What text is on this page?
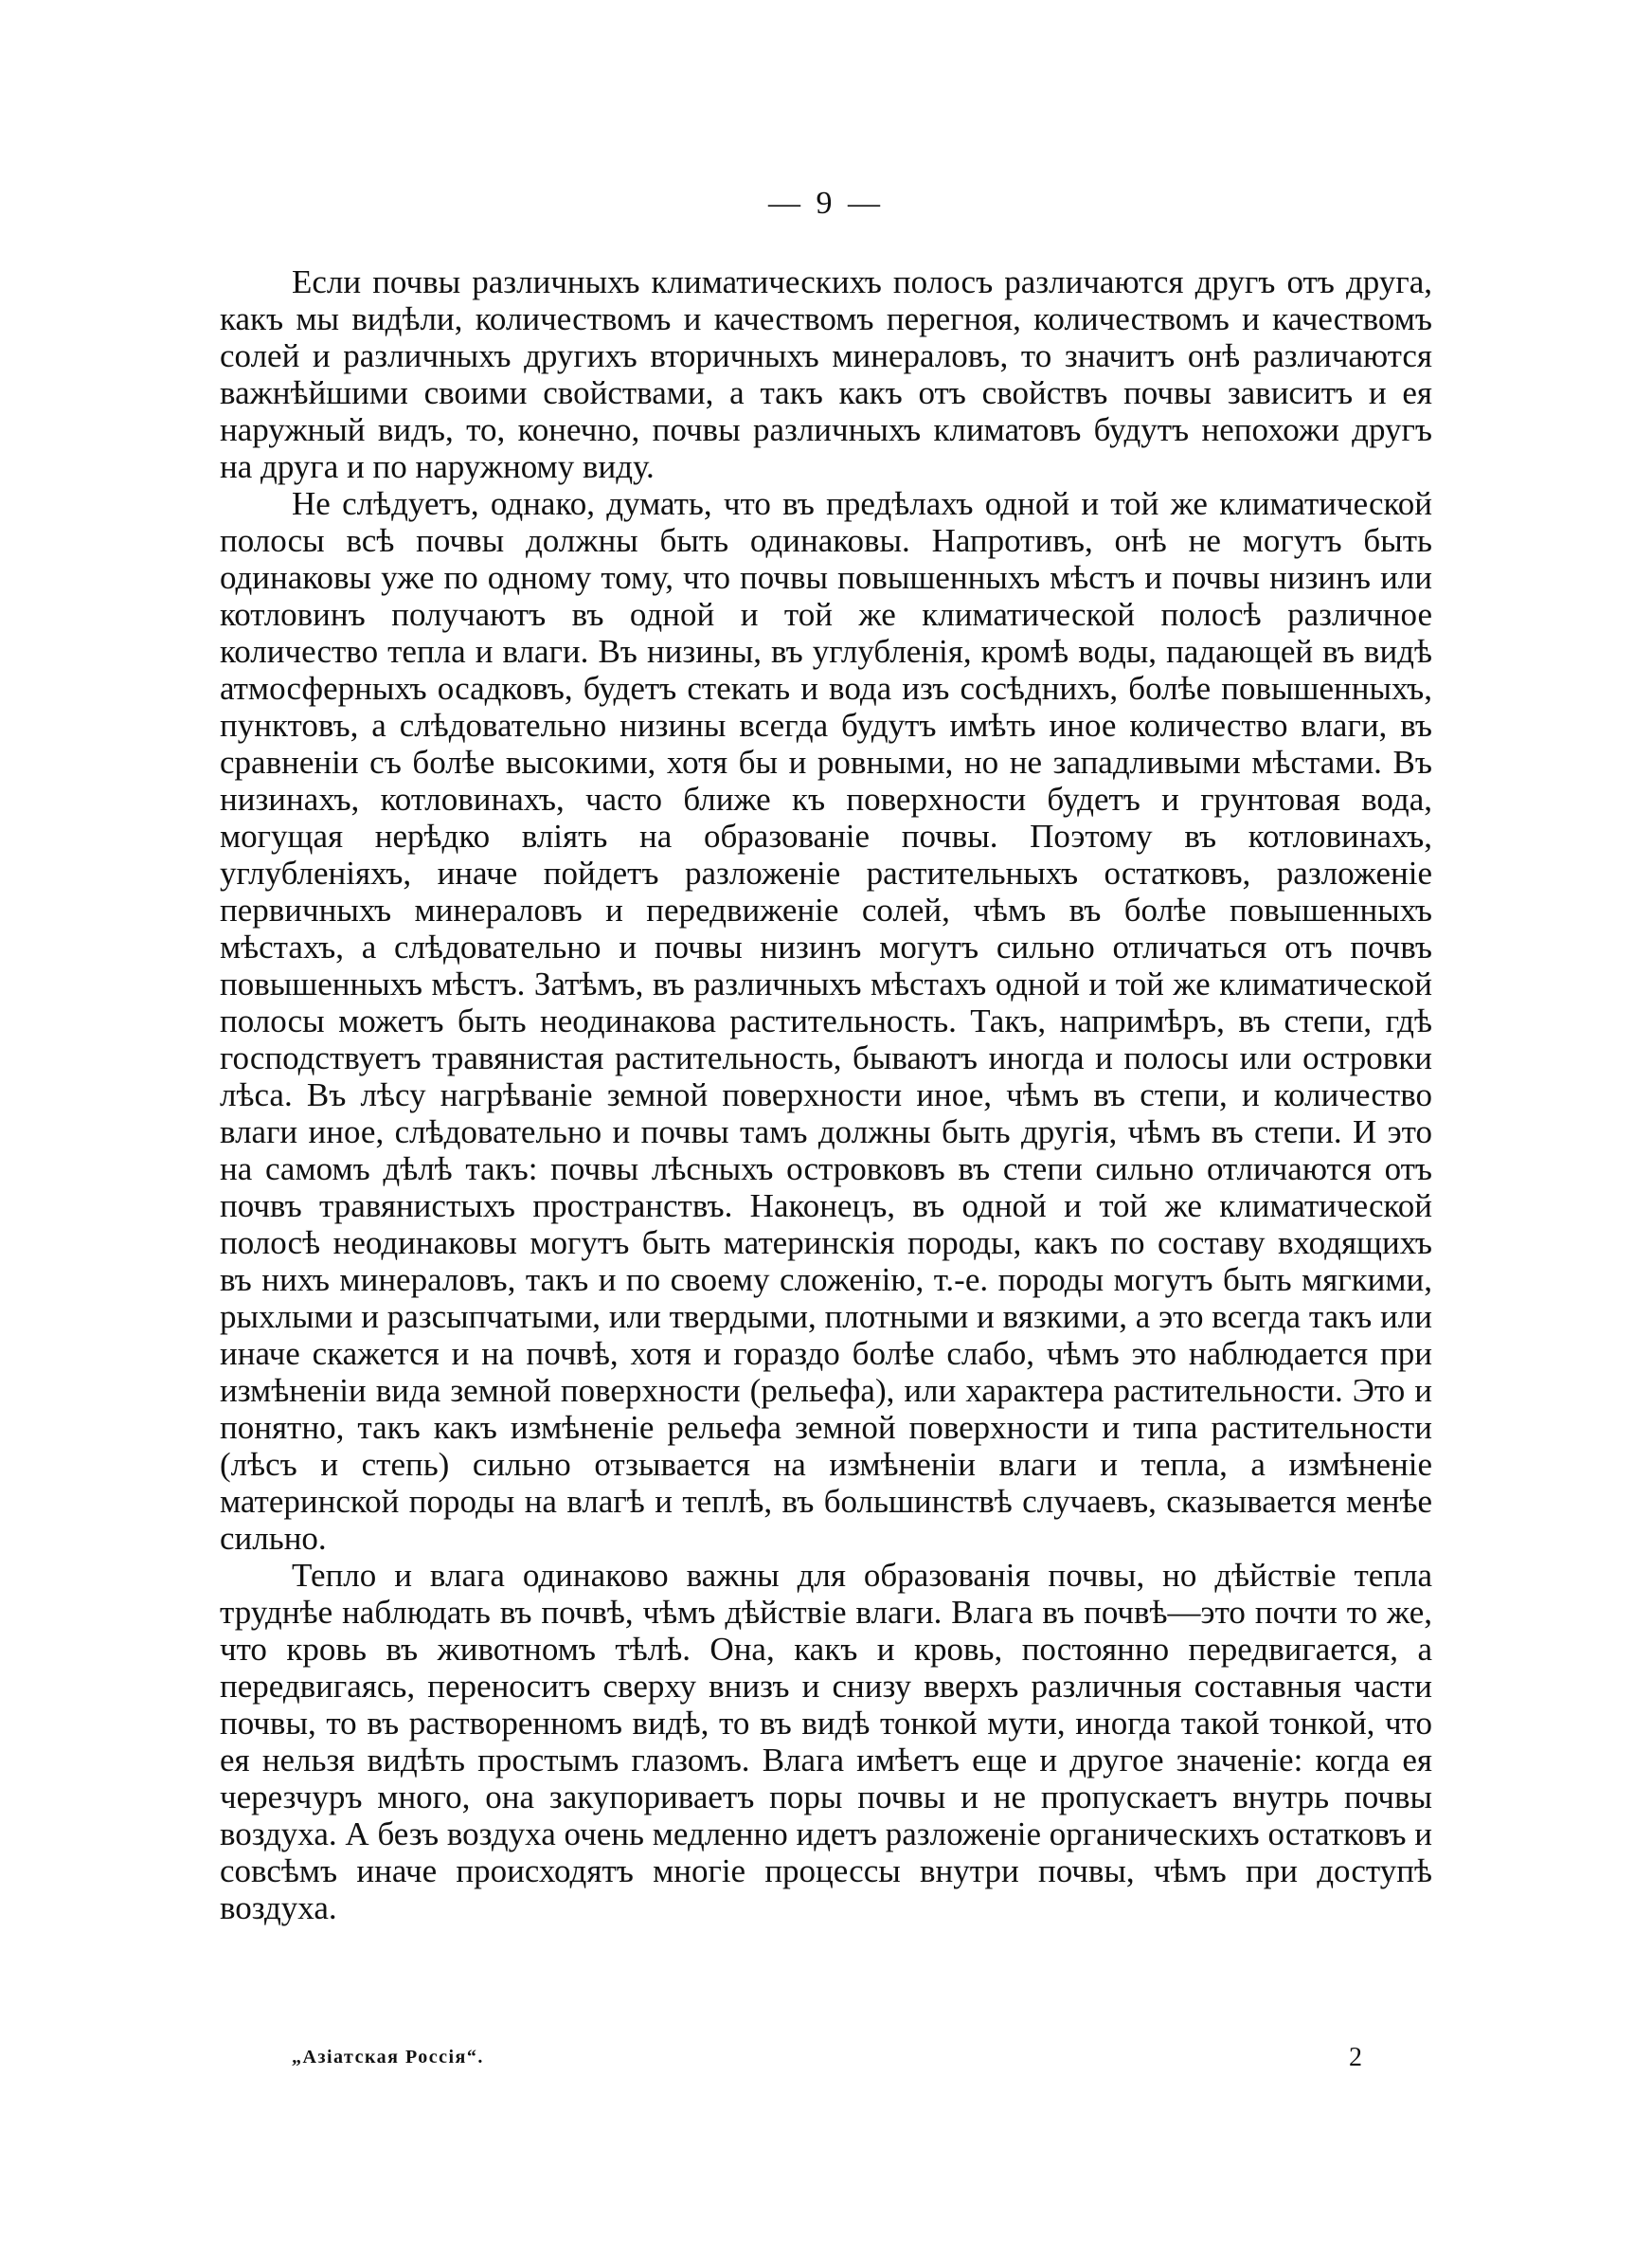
— 9 —

Если почвы различныхъ климатическихъ полосъ различаются другъ отъ друга, какъ мы видѣли, количествомъ и качествомъ перегноя, количествомъ и качествомъ солей и различныхъ другихъ вторичныхъ минераловъ, то значитъ онѣ различаются важнѣйшими своими свойствами, а такъ какъ отъ свойствъ почвы зависитъ и ея наружный видъ, то, конечно, почвы различныхъ климатовъ будутъ непохожи другъ на друга и по наружному виду.

Не слѣдуетъ, однако, думать, что въ предѣлахъ одной и той же климатической полосы всѣ почвы должны быть одинаковы. Напротивъ, онѣ не могутъ быть одинаковы уже по одному тому, что почвы повышенныхъ мѣстъ и почвы низинъ или котловинъ получаютъ въ одной и той же климатической полосѣ различное количество тепла и влаги. Въ низины, въ углубленія, кромѣ воды, падающей въ видѣ атмосферныхъ осадковъ, будетъ стекать и вода изъ сосѣднихъ, болѣе повышенныхъ, пунктовъ, а слѣдовательно низины всегда будутъ имѣть иное количество влаги, въ сравненіи съ болѣе высокими, хотя бы и ровными, но не западливыми мѣстами. Въ низинахъ, котловинахъ, часто ближе къ поверхности будетъ и грунтовая вода, могущая нерѣдко вліять на образованіе почвы. Поэтому въ котловинахъ, углубленіяхъ, иначе пойдетъ разложеніе растительныхъ остатковъ, разложеніе первичныхъ минераловъ и передвиженіе солей, чѣмъ въ болѣе повышенныхъ мѣстахъ, а слѣдовательно и почвы низинъ могутъ сильно отличаться отъ почвъ повышенныхъ мѣстъ. Затѣмъ, въ различныхъ мѣстахъ одной и той же климатической полосы можетъ быть неодинакова растительность. Такъ, напримѣръ, въ степи, гдѣ господствуетъ травянистая растительность, бываютъ иногда и полосы или островки лѣса. Въ лѣсу нагрѣваніе земной поверхности иное, чѣмъ въ степи, и количество влаги иное, слѣдовательно и почвы тамъ должны быть другія, чѣмъ въ степи. И это на самомъ дѣлѣ такъ: почвы лѣсныхъ островковъ въ степи сильно отличаются отъ почвъ травянистыхъ пространствъ. Наконецъ, въ одной и той же климатической полосѣ неодинаковы могутъ быть материнскія породы, какъ по составу входящихъ въ нихъ минераловъ, такъ и по своему сложенію, т.-е. породы могутъ быть мягкими, рыхлыми и разсыпчатыми, или твердыми, плотными и вязкими, а это всегда такъ или иначе скажется и на почвѣ, хотя и гораздо болѣе слабо, чѣмъ это наблюдается при измѣненіи вида земной поверхности (рельефа), или характера растительности. Это и понятно, такъ какъ измѣненіе рельефа земной поверхности и типа растительности (лѣсъ и степь) сильно отзывается на измѣненіи влаги и тепла, а измѣненіе материнской породы на влагѣ и теплѣ, въ большинствѣ случаевъ, сказывается менѣе сильно.

Тепло и влага одинаково важны для образованія почвы, но дѣйствіе тепла труднѣе наблюдать въ почвѣ, чѣмъ дѣйствіе влаги. Влага въ почвѣ—это почти то же, что кровь въ животномъ тѣлѣ. Она, какъ и кровь, постоянно передвигается, а передвигаясь, переноситъ сверху внизъ и снизу вверхъ различныя составныя части почвы, то въ растворенномъ видѣ, то въ видѣ тонкой мути, иногда такой тонкой, что ея нельзя видѣть простымъ глазомъ. Влага имѣетъ еще и другое значеніе: когда ея черезчуръ много, она закупориваетъ поры почвы и не пропускаетъ внутрь почвы воздуха. А безъ воздуха очень медленно идетъ разложеніе органическихъ остатковъ и совсѣмъ иначе происходятъ многіе процессы внутри почвы, чѣмъ при доступѣ воздуха.

„Азіатская Россія“.	2
